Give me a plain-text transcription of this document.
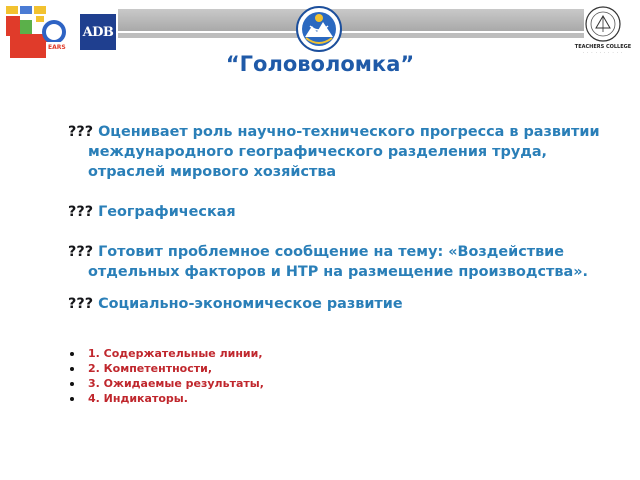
EARS
ADB
TEACHERS COLLEGE
· · · · · · · · · ·
“Головоломка”
??? Оценивает роль научно-технического прогресса в развитии международного географического разделения труда, отраслей мирового хозяйства
??? Географическая
??? Готовит проблемное сообщение на тему: «Воздействие отдельных факторов и НТР на размещение производства».
??? Социально-экономическое развитие
1. Содержательные линии,
2. Компетентности,
3. Ожидаемые результаты,
4. Индикаторы.
